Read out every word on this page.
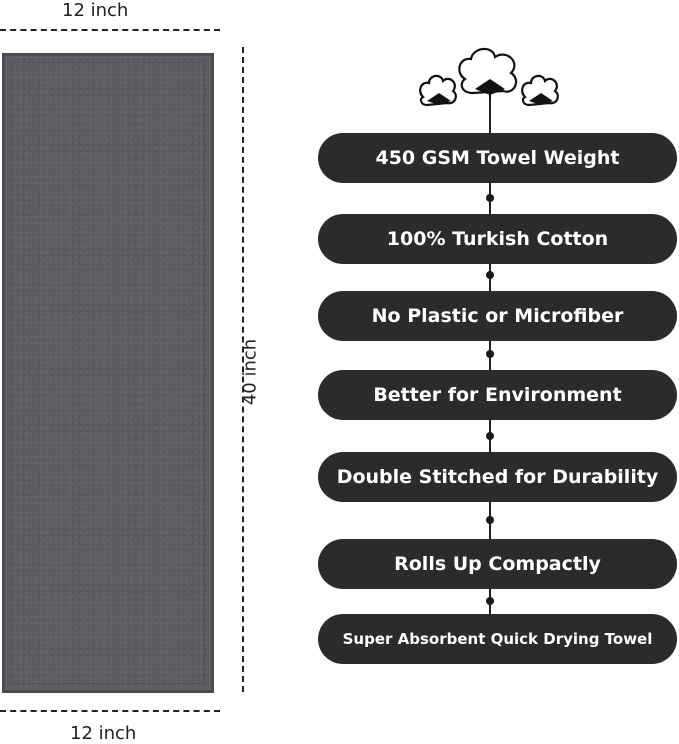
12 inch
40 inch
12 inch
450 GSM Towel Weight
100% Turkish Cotton
No Plastic or Microfiber
Better for Environment
Double Stitched for Durability
Rolls Up Compactly
Super Absorbent Quick Drying Towel
